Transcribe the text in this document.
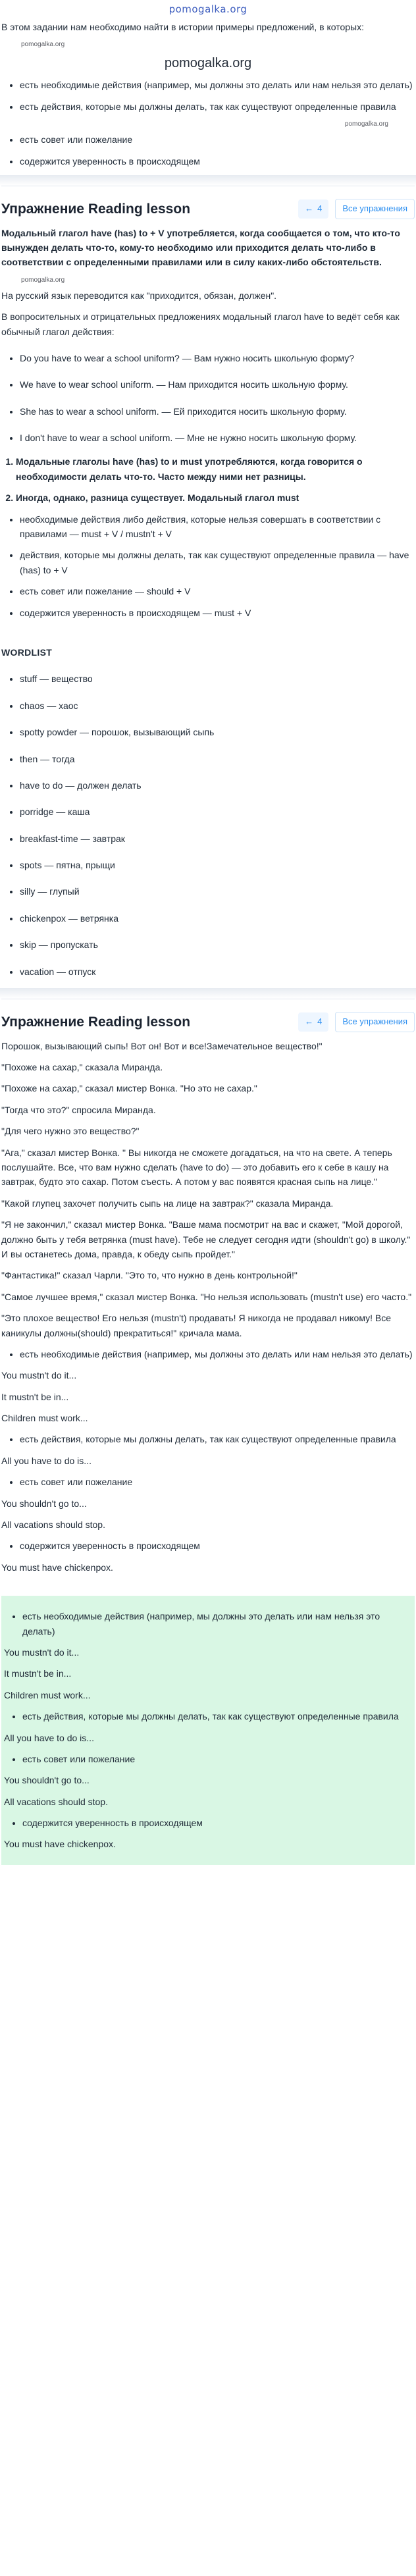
pomogalka.org

В этом задании нам необходимо найти в истории примеры предложений, в которых:

pomogalka.org
pomogalka.org
• есть необходимые действия (например, мы должны это делать или нам нельзя это делать)
• есть действия, которые мы должны делать, так как существуют определенные правила
pomogalka.org
• есть совет или пожелание
• содержится уверенность в происходящем
Упражнение Reading lesson	← 4	Все упражнения

Модальный глагол have (has) to + V употребляется, когда сообщается о том, что кто-то вынужден делать что-то, кому-то необходимо или приходится делать что-либо в соответствии с определенными правилами или в силу каких-либо обстоятельств.

pomogalka.org

На русский язык переводится как "приходится, обязан, должен".

В вопросительных и отрицательных предложениях модальный глагол have to ведёт себя как обычный глагол действия:

• Do you have to wear a school uniform? — Вам нужно носить школьную форму?
• We have to wear school uniform. — Нам приходится носить школьную форму.
• She has to wear a school uniform. — Ей приходится носить школьную форму.
• I don't have to wear a school uniform. — Мне не нужно носить школьную форму.
1. Модальные глаголы have (has) to и must употребляются, когда говорится о необходимости делать что-то. Часто между ними нет разницы.
2. Иногда, однако, разница существует. Модальный глагол must
• необходимые действия либо действия, которые нельзя совершать в соответствии с правилами — must + V / mustn't + V
• действия, которые мы должны делать, так как существуют определенные правила — have (has) to + V
• есть совет или пожелание — should + V
• содержится уверенность в происходящем — must + V
WORDLIST
• stuff — вещество
• chaos — хаос
• spotty powder — порошок, вызывающий сыпь
• then — тогда
• have to do — должен делать
• porridge — каша
• breakfast-time — завтрак
• spots — пятна, прыщи
• silly — глупый
• chickenpox — ветрянка
• skip — пропускать
• vacation — отпуск
Упражнение Reading lesson	← 4	Все упражнения

Порошок, вызывающий сыпь! Вот он! Вот и все!Замечательное вещество!"

"Похоже на сахар," сказала Миранда.

"Похоже на сахар," сказал мистер Вонка. "Но это не сахар."

"Тогда что это?" спросила Миранда.

"Для чего нужно это вещество?"

"Ага," сказал мистер Вонка. " Вы никогда не сможете догадаться, на что на свете. А теперь послушайте. Все, что вам нужно сделать (have to do) — это добавить его к себе в кашу на завтрак, будто это сахар. Потом съесть. А потом у вас появятся красная сыпь на лице."

"Какой глупец захочет получить сыпь на лице на завтрак?" сказала Миранда.

"Я не закончил," сказал мистер Вонка. "Ваше мама посмотрит на вас и скажет, "Мой дорогой, должно быть у тебя ветрянка (must have). Тебе не следует сегодня идти (shouldn't go) в школу." И вы останетесь дома, правда, к обеду сыпь пройдет."

"Фантастика!" сказал Чарли. "Это то, что нужно в день контрольной!"

"Самое лучшее время," сказал мистер Вонка. "Но нельзя использовать (mustn't use) его часто."

"Это плохое вещество! Его нельзя (mustn't) продавать! Я никогда не продавал никому! Все каникулы должны(should) прекратиться!" кричала мама.

• есть необходимые действия (например, мы должны это делать или нам нельзя это делать)

You mustn't do it...

It mustn't be in...

Children must work...

• есть действия, которые мы должны делать, так как существуют определенные правила

All you have to do is...

• есть совет или пожелание

You shouldn't go to...

All vacations should stop.

• содержится уверенность в происходящем

You must have chickenpox.

• есть необходимые действия (например, мы должны это делать или нам нельзя это делать)

You mustn't do it...

It mustn't be in...

Children must work...

• есть действия, которые мы должны делать, так как существуют определенные правила

All you have to do is...

• есть совет или пожелание

You shouldn't go to...

All vacations should stop.

• содержится уверенность в происходящем

You must have chickenpox.
